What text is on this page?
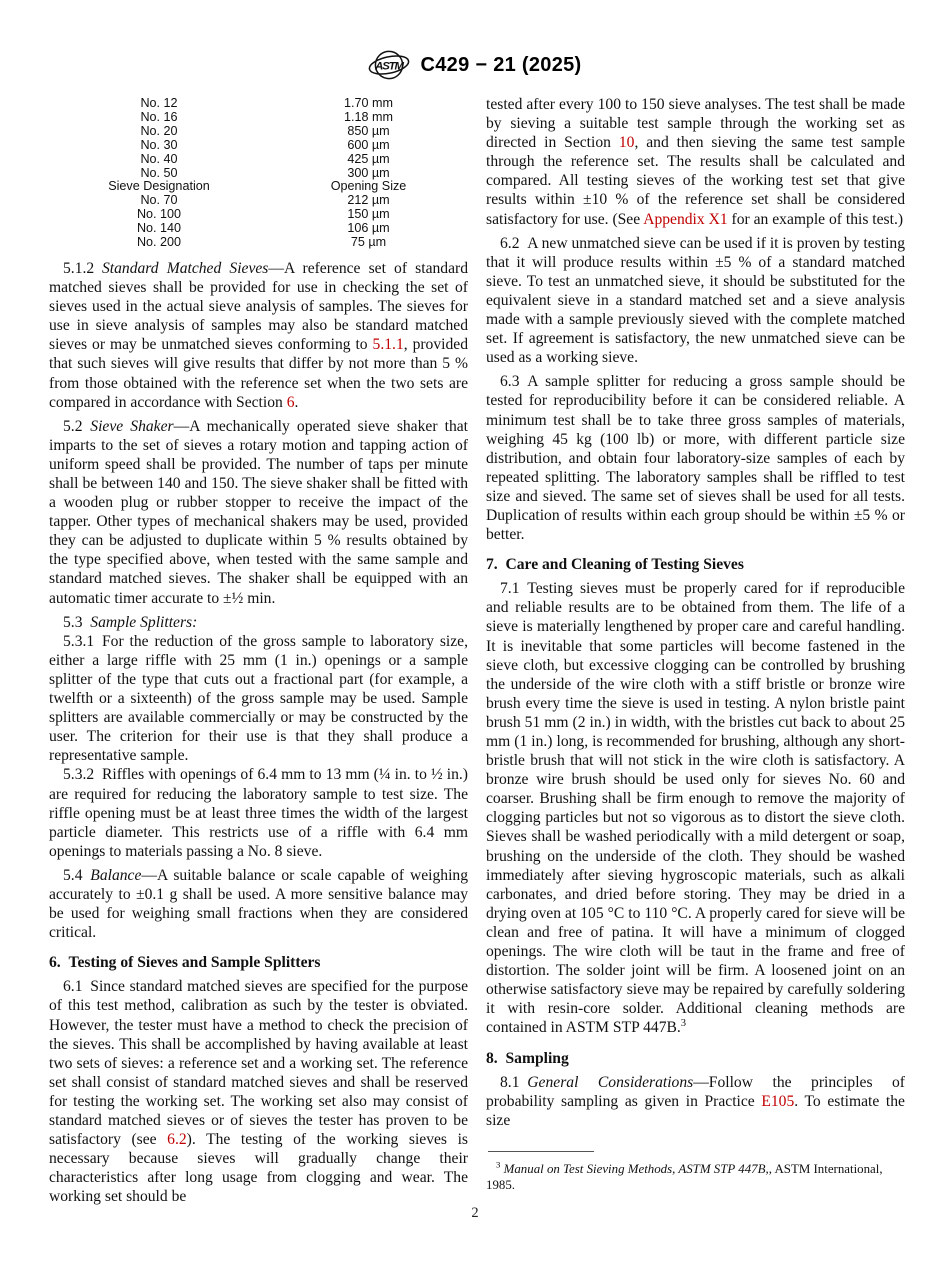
ASTM C429 − 21 (2025)
No. 12	1.70 mm
No. 16	1.18 mm
No. 20	850 µm
No. 30	600 µm
No. 40	425 µm
No. 50	300 µm
Sieve Designation	Opening Size
No. 70	212 µm
No. 100	150 µm
No. 140	106 µm
No. 200	75 µm

5.1.2 Standard Matched Sieves—A reference set of standard matched sieves shall be provided for use in checking the set of sieves used in the actual sieve analysis of samples. The sieves for use in sieve analysis of samples may also be standard matched sieves or may be unmatched sieves conforming to 5.1.1, provided that such sieves will give results that differ by not more than 5 % from those obtained with the reference set when the two sets are compared in accordance with Section 6.

5.2 Sieve Shaker—A mechanically operated sieve shaker that imparts to the set of sieves a rotary motion and tapping action of uniform speed shall be provided. The number of taps per minute shall be between 140 and 150. The sieve shaker shall be fitted with a wooden plug or rubber stopper to receive the impact of the tapper. Other types of mechanical shakers may be used, provided they can be adjusted to duplicate within 5 % results obtained by the type specified above, when tested with the same sample and standard matched sieves. The shaker shall be equipped with an automatic timer accurate to ±½ min.

5.3 Sample Splitters:

5.3.1 For the reduction of the gross sample to laboratory size, either a large riffle with 25 mm (1 in.) openings or a sample splitter of the type that cuts out a fractional part (for example, a twelfth or a sixteenth) of the gross sample may be used. Sample splitters are available commercially or may be constructed by the user. The criterion for their use is that they shall produce a representative sample.

5.3.2 Riffles with openings of 6.4 mm to 13 mm (¼ in. to ½ in.) are required for reducing the laboratory sample to test size. The riffle opening must be at least three times the width of the largest particle diameter. This restricts use of a riffle with 6.4 mm openings to materials passing a No. 8 sieve.

5.4 Balance—A suitable balance or scale capable of weighing accurately to ±0.1 g shall be used. A more sensitive balance may be used for weighing small fractions when they are considered critical.

6. Testing of Sieves and Sample Splitters

6.1 Since standard matched sieves are specified for the purpose of this test method, calibration as such by the tester is obviated. However, the tester must have a method to check the precision of the sieves. This shall be accomplished by having available at least two sets of sieves: a reference set and a working set. The reference set shall consist of standard matched sieves and shall be reserved for testing the working set. The working set also may consist of standard matched sieves or of sieves the tester has proven to be satisfactory (see 6.2). The testing of the working sieves is necessary because sieves will gradually change their characteristics after long usage from clogging and wear. The working set should be

tested after every 100 to 150 sieve analyses. The test shall be made by sieving a suitable test sample through the working set as directed in Section 10, and then sieving the same test sample through the reference set. The results shall be calculated and compared. All testing sieves of the working test set that give results within ±10 % of the reference set shall be considered satisfactory for use. (See Appendix X1 for an example of this test.)

6.2 A new unmatched sieve can be used if it is proven by testing that it will produce results within ±5 % of a standard matched sieve. To test an unmatched sieve, it should be substituted for the equivalent sieve in a standard matched set and a sieve analysis made with a sample previously sieved with the complete matched set. If agreement is satisfactory, the new unmatched sieve can be used as a working sieve.

6.3 A sample splitter for reducing a gross sample should be tested for reproducibility before it can be considered reliable. A minimum test shall be to take three gross samples of materials, weighing 45 kg (100 lb) or more, with different particle size distribution, and obtain four laboratory-size samples of each by repeated splitting. The laboratory samples shall be riffled to test size and sieved. The same set of sieves shall be used for all tests. Duplication of results within each group should be within ±5 % or better.

7. Care and Cleaning of Testing Sieves

7.1 Testing sieves must be properly cared for if reproducible and reliable results are to be obtained from them. The life of a sieve is materially lengthened by proper care and careful handling. It is inevitable that some particles will become fastened in the sieve cloth, but excessive clogging can be controlled by brushing the underside of the wire cloth with a stiff bristle or bronze wire brush every time the sieve is used in testing. A nylon bristle paint brush 51 mm (2 in.) in width, with the bristles cut back to about 25 mm (1 in.) long, is recommended for brushing, although any short-bristle brush that will not stick in the wire cloth is satisfactory. A bronze wire brush should be used only for sieves No. 60 and coarser. Brushing shall be firm enough to remove the majority of clogging particles but not so vigorous as to distort the sieve cloth. Sieves shall be washed periodically with a mild detergent or soap, brushing on the underside of the cloth. They should be washed immediately after sieving hygroscopic materials, such as alkali carbonates, and dried before storing. They may be dried in a drying oven at 105 °C to 110 °C. A properly cared for sieve will be clean and free of patina. It will have a minimum of clogged openings. The wire cloth will be taut in the frame and free of distortion. The solder joint will be firm. A loosened joint on an otherwise satisfactory sieve may be repaired by carefully soldering it with resin-core solder. Additional cleaning methods are contained in ASTM STP 447B.$^3$

8. Sampling

8.1 General Considerations—Follow the principles of probability sampling as given in Practice E105. To estimate the size

$^3$ Manual on Test Sieving Methods, ASTM STP 447B,, ASTM International, 1985.
2
